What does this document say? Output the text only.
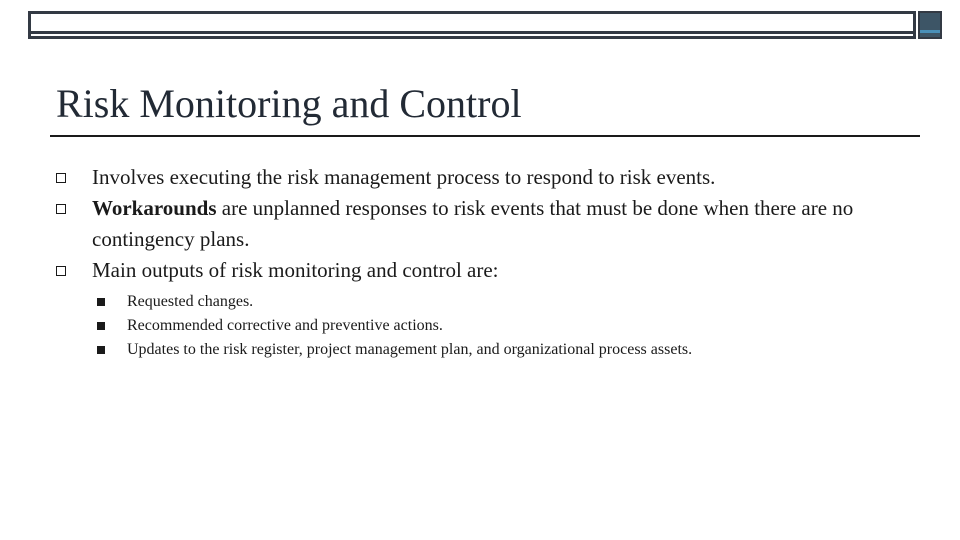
Risk Monitoring and Control
Involves executing the risk management process to respond to risk events.
Workarounds are unplanned responses to risk events that must be done when there are no contingency plans.
Main outputs of risk monitoring and control are:
Requested changes.
Recommended corrective and preventive actions.
Updates to the risk register, project management plan, and organizational process assets.
